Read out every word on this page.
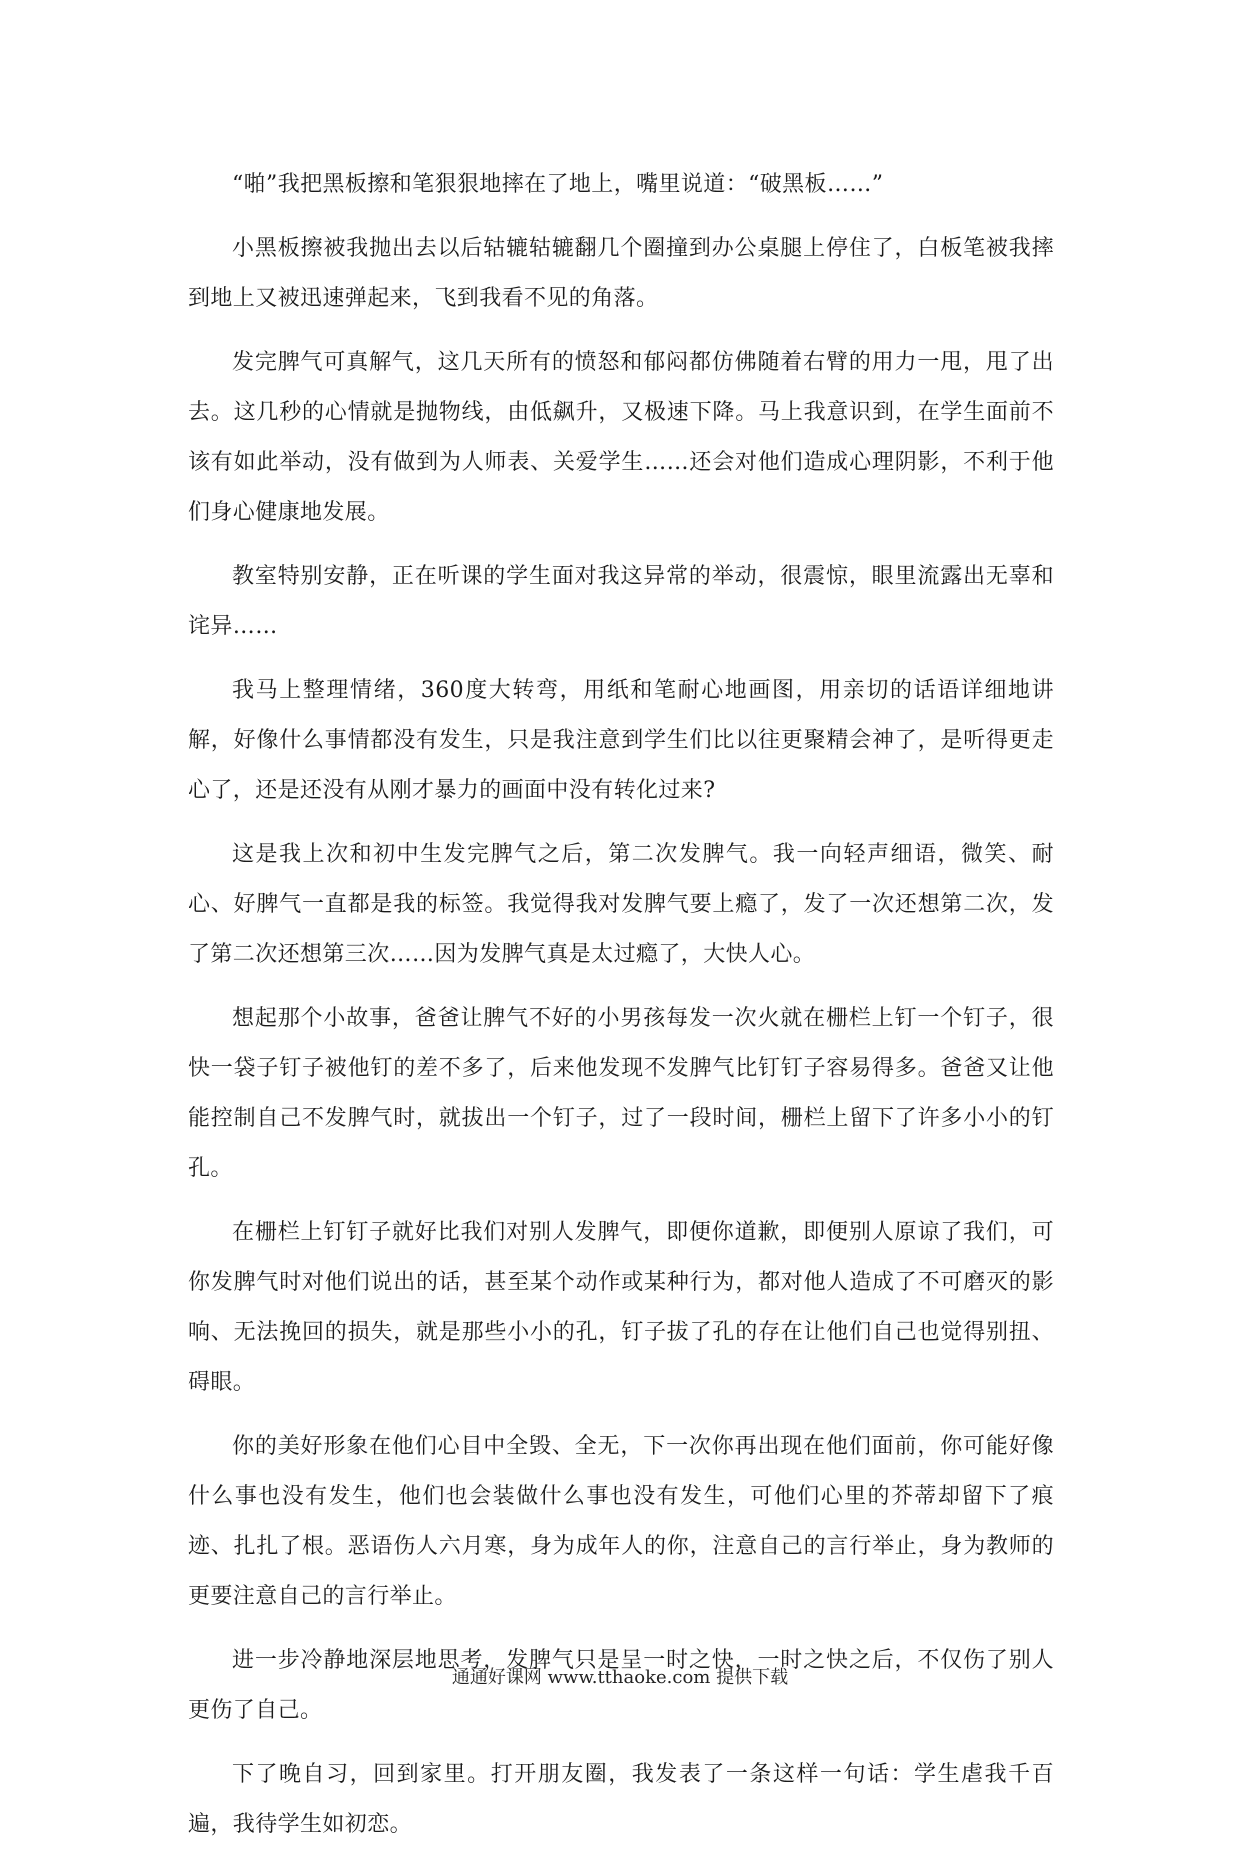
“啪”我把黑板擦和笔狠狠地摔在了地上，嘴里说道：“破黑板……”

小黑板擦被我抛出去以后轱辘轱辘翻几个圈撞到办公桌腿上停住了，白板笔被我摔到地上又被迅速弹起来，飞到我看不见的角落。

发完脾气可真解气，这几天所有的愤怒和郁闷都仿佛随着右臂的用力一甩，甩了出去。这几秒的心情就是抛物线，由低飙升，又极速下降。马上我意识到，在学生面前不该有如此举动，没有做到为人师表、关爱学生……还会对他们造成心理阴影，不利于他们身心健康地发展。

教室特别安静，正在听课的学生面对我这异常的举动，很震惊，眼里流露出无辜和诧异……

我马上整理情绪，360度大转弯，用纸和笔耐心地画图，用亲切的话语详细地讲解，好像什么事情都没有发生，只是我注意到学生们比以往更聚精会神了，是听得更走心了，还是还没有从刚才暴力的画面中没有转化过来?

这是我上次和初中生发完脾气之后，第二次发脾气。我一向轻声细语，微笑、耐心、好脾气一直都是我的标签。我觉得我对发脾气要上瘾了，发了一次还想第二次，发了第二次还想第三次……因为发脾气真是太过瘾了，大快人心。

想起那个小故事，爸爸让脾气不好的小男孩每发一次火就在栅栏上钉一个钉子，很快一袋子钉子被他钉的差不多了，后来他发现不发脾气比钉钉子容易得多。爸爸又让他能控制自己不发脾气时，就拔出一个钉子，过了一段时间，栅栏上留下了许多小小的钉孔。

在栅栏上钉钉子就好比我们对别人发脾气，即便你道歉，即便别人原谅了我们，可你发脾气时对他们说出的话，甚至某个动作或某种行为，都对他人造成了不可磨灭的影响、无法挽回的损失，就是那些小小的孔，钉子拔了孔的存在让他们自己也觉得别扭、碍眼。

你的美好形象在他们心目中全毁、全无，下一次你再出现在他们面前，你可能好像什么事也没有发生，他们也会装做什么事也没有发生，可他们心里的芥蒂却留下了痕迹、扎扎了根。恶语伤人六月寒，身为成年人的你，注意自己的言行举止，身为教师的更要注意自己的言行举止。

进一步冷静地深层地思考，发脾气只是呈一时之快，一时之快之后，不仅伤了别人更伤了自己。

下了晚自习，回到家里。打开朋友圈，我发表了一条这样一句话：学生虐我千百遍，我待学生如初恋。

通通好课网 www.tthaoke.com 提供下载
